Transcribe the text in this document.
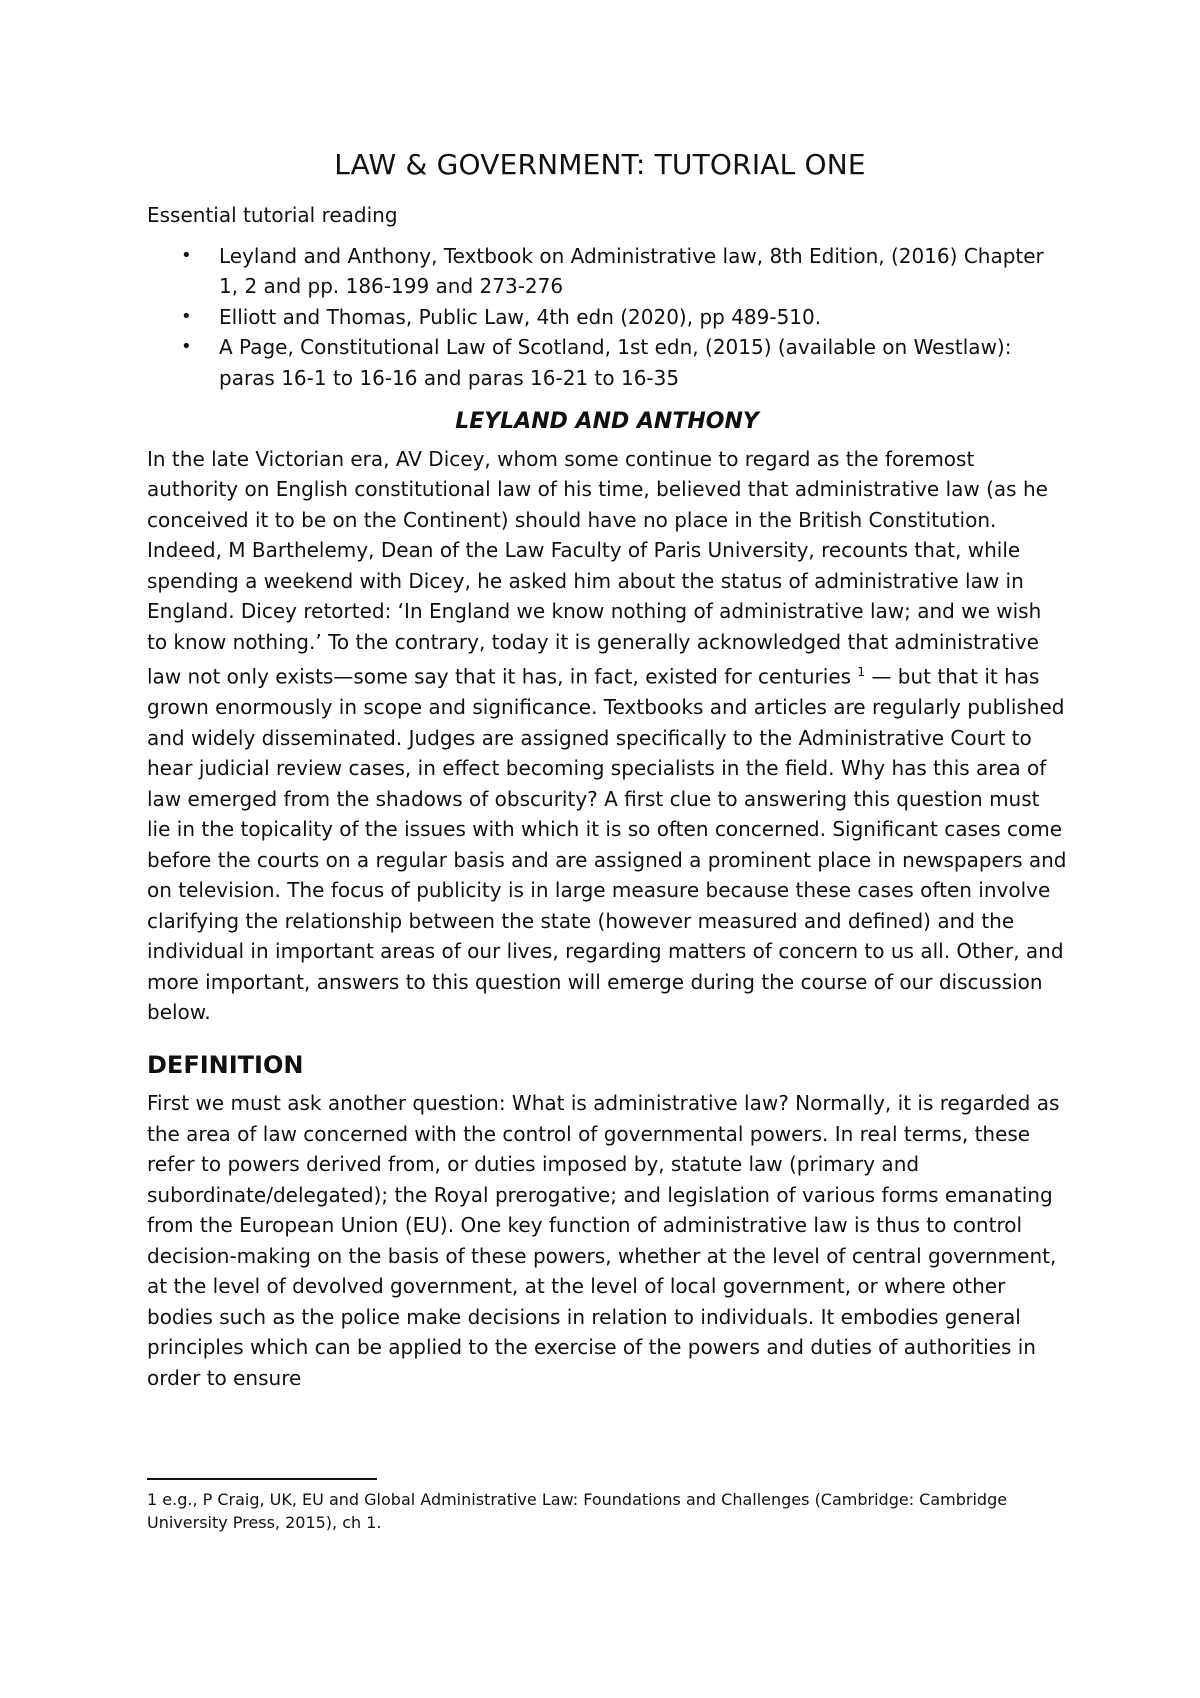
LAW & GOVERNMENT: TUTORIAL ONE

Essential tutorial reading

• Leyland and Anthony, Textbook on Administrative law, 8th Edition, (2016) Chapter 1, 2 and pp. 186-199 and 273-276
• Elliott and Thomas, Public Law, 4th edn (2020), pp 489-510.
• A Page, Constitutional Law of Scotland, 1st edn, (2015) (available on Westlaw): paras 16-1 to 16-16 and paras 16-21 to 16-35
LEYLAND AND ANTHONY

In the late Victorian era, AV Dicey, whom some continue to regard as the foremost authority on English constitutional law of his time, believed that administrative law (as he conceived it to be on the Continent) should have no place in the British Constitution. Indeed, M Barthelemy, Dean of the Law Faculty of Paris University, recounts that, while spending a weekend with Dicey, he asked him about the status of administrative law in England. Dicey retorted: ‘In England we know nothing of administrative law; and we wish to know nothing.’ To the contrary, today it is generally acknowledged that administrative law not only exists—some say that it has, in fact, existed for centuries $^1$ — but that it has grown enormously in scope and significance. Textbooks and articles are regularly published and widely disseminated. Judges are assigned specifically to the Administrative Court to hear judicial review cases, in effect becoming specialists in the field. Why has this area of law emerged from the shadows of obscurity? A first clue to answering this question must lie in the topicality of the issues with which it is so often concerned. Significant cases come before the courts on a regular basis and are assigned a prominent place in newspapers and on television. The focus of publicity is in large measure because these cases often involve clarifying the relationship between the state (however measured and defined) and the individual in important areas of our lives, regarding matters of concern to us all. Other, and more important, answers to this question will emerge during the course of our discussion below.

DEFINITION

First we must ask another question: What is administrative law? Normally, it is regarded as the area of law concerned with the control of governmental powers. In real terms, these refer to powers derived from, or duties imposed by, statute law (primary and subordinate/delegated); the Royal prerogative; and legislation of various forms emanating from the European Union (EU). One key function of administrative law is thus to control decision-making on the basis of these powers, whether at the level of central government, at the level of devolved government, at the level of local government, or where other bodies such as the police make decisions in relation to individuals. It embodies general principles which can be applied to the exercise of the powers and duties of authorities in order to ensure

1 e.g., P Craig, UK, EU and Global Administrative Law: Foundations and Challenges (Cambridge: Cambridge University Press, 2015), ch 1.
